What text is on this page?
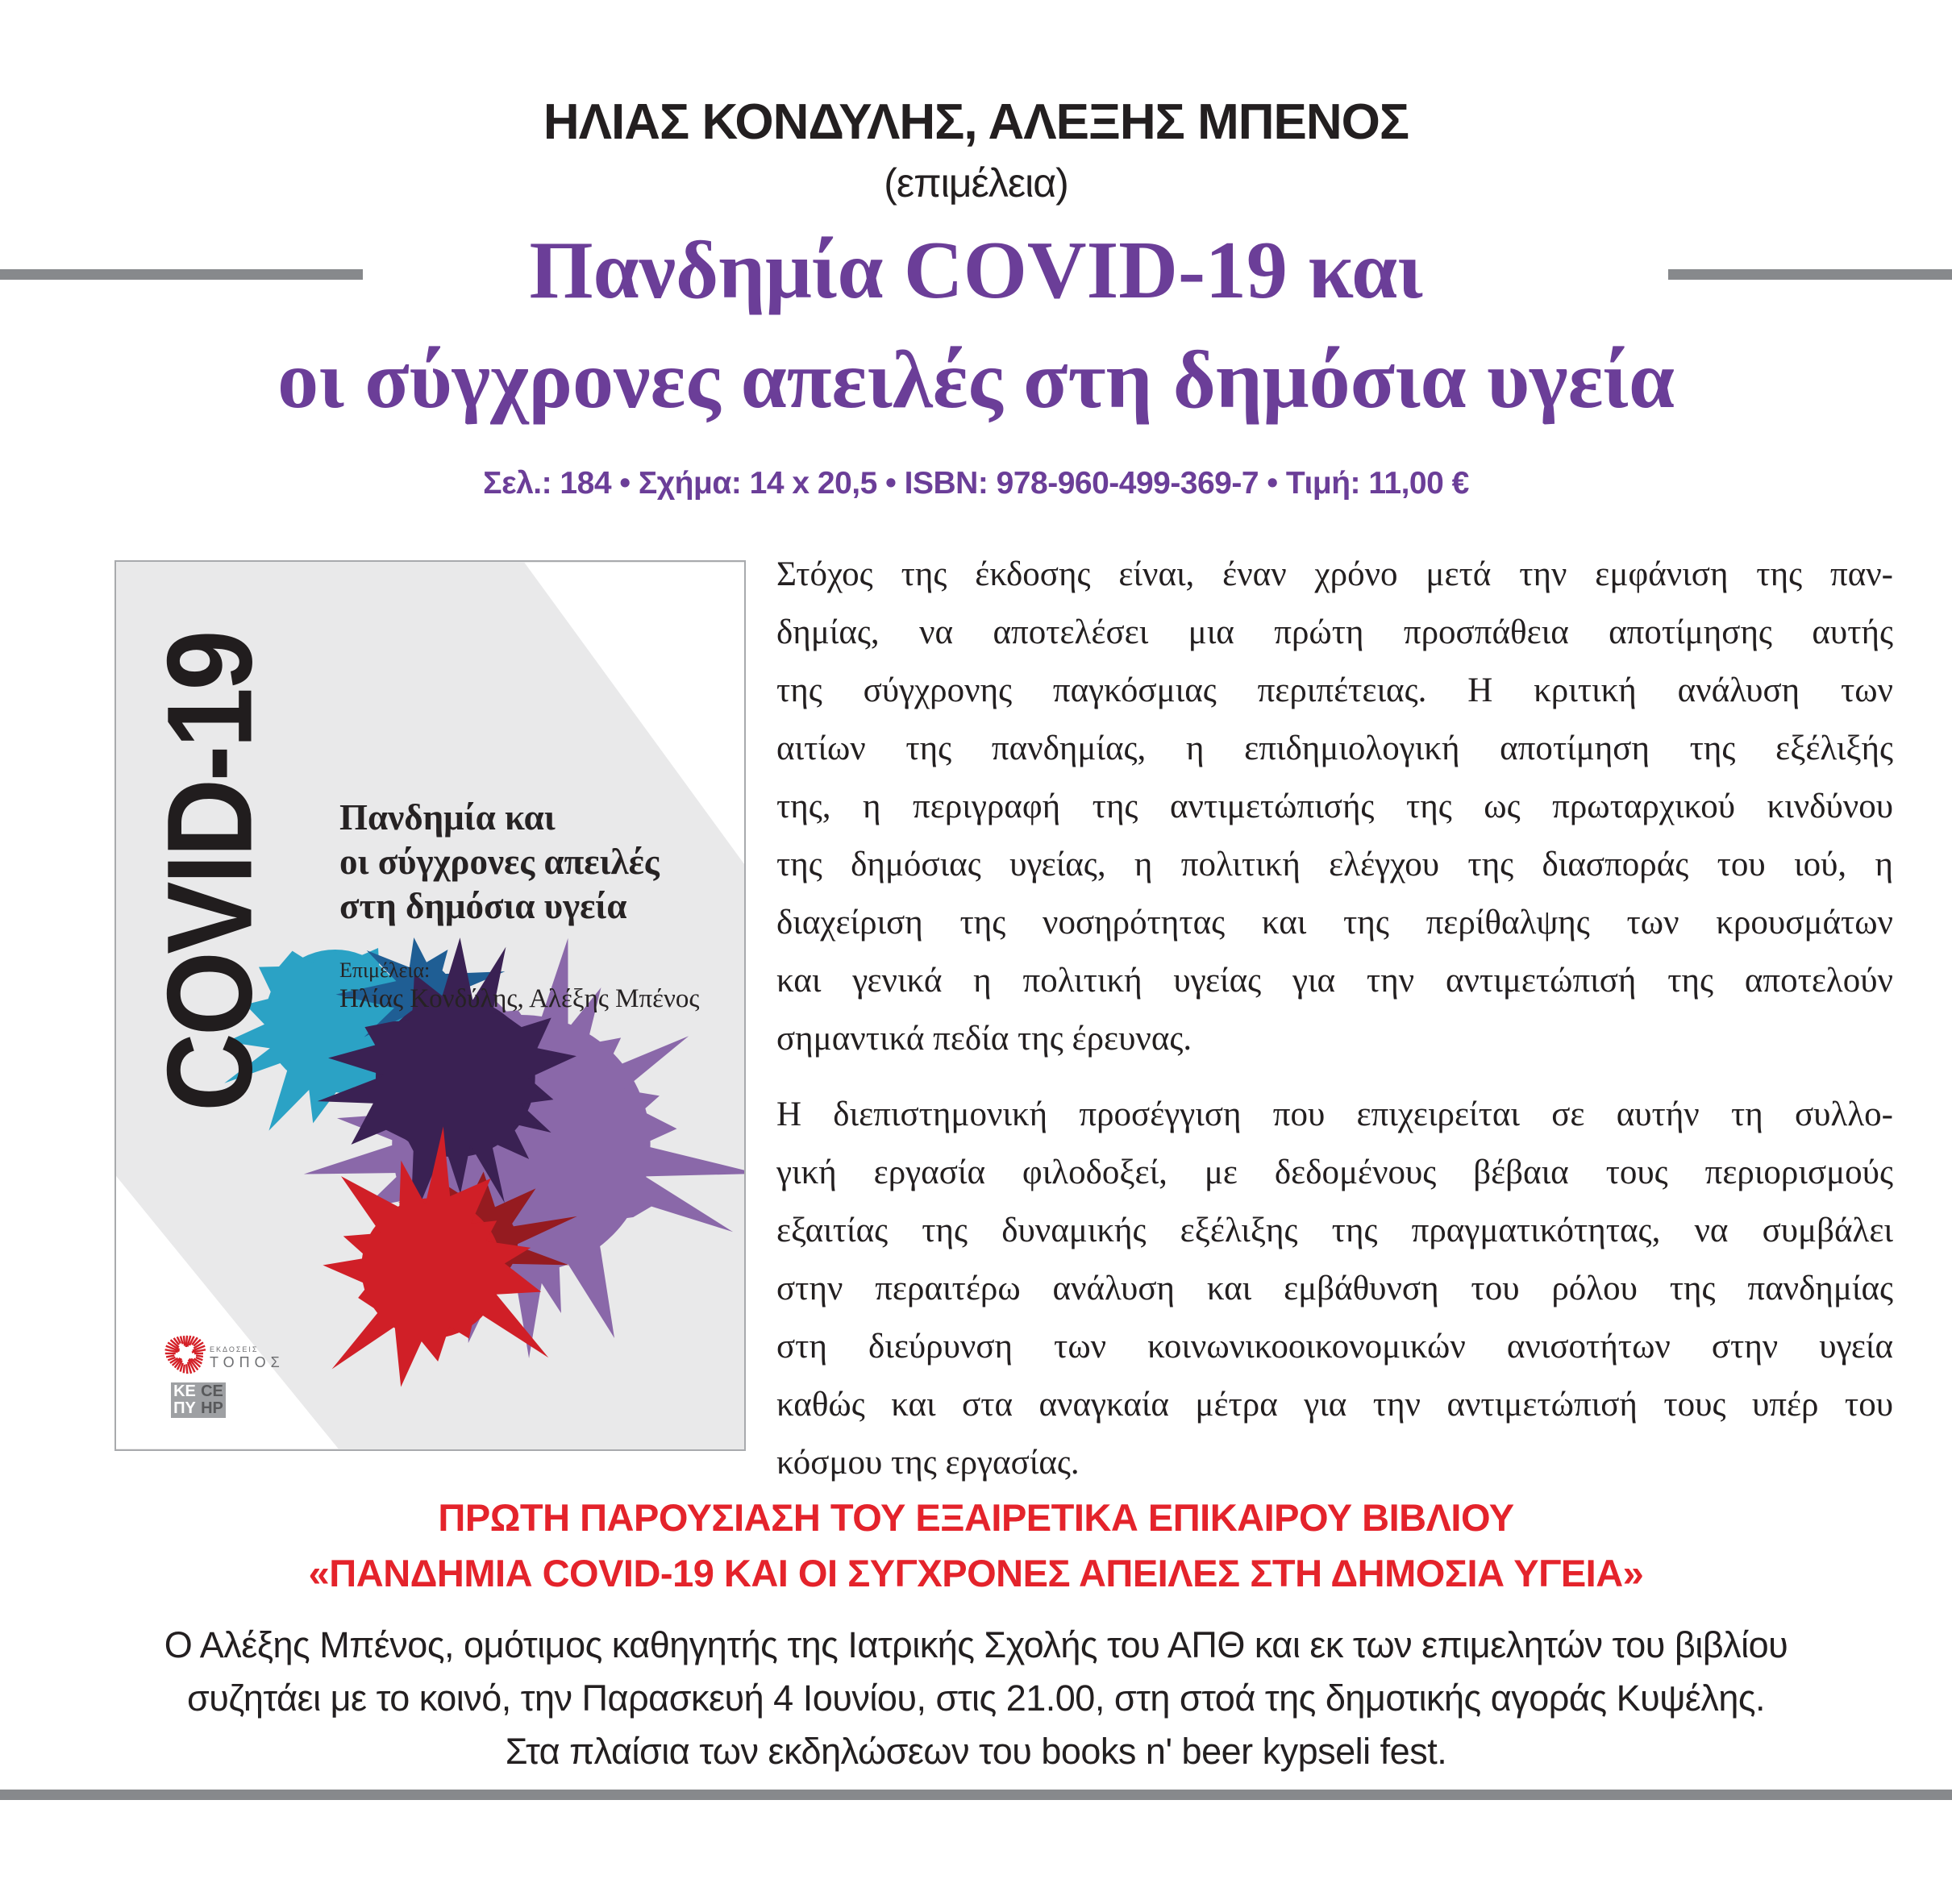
ΗΛΙΑΣ ΚΟΝΔΥΛΗΣ, ΑΛΕΞΗΣ ΜΠΕΝΟΣ
(επιμέλεια)
Πανδημία COVID-19 και
οι σύγχρονες απειλές στη δημόσια υγεία
Σελ.: 184 • Σχήμα: 14 x 20,5 • ISBN: 978-960-499-369-7 • Τιμή: 11,00 €
COVID-19 Πανδημία και
οι σύγχρονες απειλές
στη δημόσια υγεία
Επιμέλεια:
Ηλίας Κονδύλης, Αλέξης Μπένος
ΕΚΔΟΣΕΙΣ
ΤΟΠΟΣ
ΚΕ CE
ΠΥ HP
Στόχος της έκδοσης είναι, έναν χρόνο μετά την εμφάνιση της παν-
δημίας, να αποτελέσει μια πρώτη προσπάθεια αποτίμησης αυτής
της σύγχρονης παγκόσμιας περιπέτειας. Η κριτική ανάλυση των
αιτίων της πανδημίας, η επιδημιολογική αποτίμηση της εξέλιξής
της, η περιγραφή της αντιμετώπισής της ως πρωταρχικού κινδύνου
της δημόσιας υγείας, η πολιτική ελέγχου της διασποράς του ιού, η
διαχείριση της νοσηρότητας και της περίθαλψης των κρουσμάτων
και γενικά η πολιτική υγείας για την αντιμετώπισή της αποτελούν
σημαντικά πεδία της έρευνας.
Η διεπιστημονική προσέγγιση που επιχειρείται σε αυτήν τη συλλο-
γική εργασία φιλοδοξεί, με δεδομένους βέβαια τους περιορισμούς
εξαιτίας της δυναμικής εξέλιξης της πραγματικότητας, να συμβάλει
στην περαιτέρω ανάλυση και εμβάθυνση του ρόλου της πανδημίας
στη διεύρυνση των κοινωνικοοικονομικών ανισοτήτων στην υγεία
καθώς και στα αναγκαία μέτρα για την αντιμετώπισή τους υπέρ του
κόσμου της εργασίας.
ΠΡΩΤΗ ΠΑΡΟΥΣΙΑΣΗ ΤΟΥ ΕΞΑΙΡΕΤΙΚΑ ΕΠΙΚΑΙΡΟΥ ΒΙΒΛΙΟΥ
«ΠΑΝΔΗΜΙΑ COVID-19 ΚΑΙ ΟΙ ΣΥΓΧΡΟΝΕΣ ΑΠΕΙΛΕΣ ΣΤΗ ΔΗΜΟΣΙΑ ΥΓΕΙΑ»
Ο Αλέξης Μπένος, ομότιμος καθηγητής της Ιατρικής Σχολής του ΑΠΘ και εκ των επιμελητών του βιβλίου
συζητάει με το κοινό, την Παρασκευή 4 Ιουνίου, στις 21.00, στη στοά της δημοτικής αγοράς Κυψέλης.
Στα πλαίσια των εκδηλώσεων του books n' beer kypseli fest.
